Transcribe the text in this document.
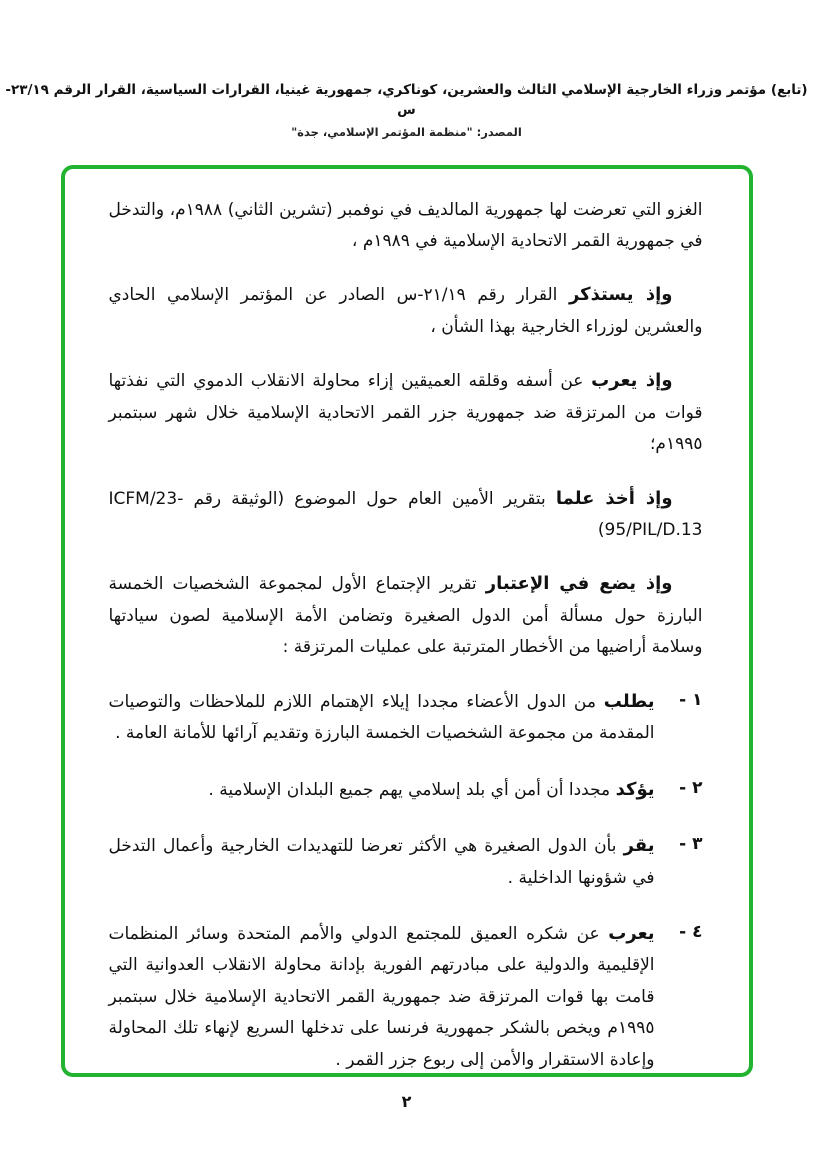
(تابع) مؤتمر وزراء الخارجية الإسلامي الثالث والعشرين، كوناكري، جمهورية غينيا، القرارات السياسية، القرار الرقم ٢٣/١٩-س
المصدر: "منظمة المؤتمر الإسلامي، جدة"

الغزو التي تعرضت لها جمهورية المالديف في نوفمبر (تشرين الثاني) ١٩٨٨م، والتدخل في جمهورية القمر الاتحادية الإسلامية في ١٩٨٩م ،

وإذ يستذكر القرار رقم ٢١/١٩-س الصادر عن المؤتمر الإسلامي الحادي والعشرين لوزراء الخارجية بهذا الشأن ،

وإذ يعرب عن أسفه وقلقه العميقين إزاء محاولة الانقلاب الدموي التي نفذتها قوات من المرتزقة ضد جمهورية جزر القمر الاتحادية الإسلامية خلال شهر سبتمبر ١٩٩٥م؛

وإذ أخذ علما بتقرير الأمين العام حول الموضوع (الوثيقة رقم ICFM/23-95/PIL/D.13)

وإذ يضع في الإعتبار تقرير الإجتماع الأول لمجموعة الشخصيات الخمسة البارزة حول مسألة أمن الدول الصغيرة وتضامن الأمة الإسلامية لصون سيادتها وسلامة أراضيها من الأخطار المترتبة على عمليات المرتزقة :

١ -
يطلب من الدول الأعضاء مجددا إيلاء الإهتمام اللازم للملاحظات والتوصيات المقدمة من مجموعة الشخصيات الخمسة البارزة وتقديم آرائها للأمانة العامة .
٢ -
يؤكد مجددا أن أمن أي بلد إسلامي يهم جميع البلدان الإسلامية .
٣ -
يقر بأن الدول الصغيرة هي الأكثر تعرضا للتهديدات الخارجية وأعمال التدخل في شؤونها الداخلية .
٤ -
يعرب عن شكره العميق للمجتمع الدولي والأمم المتحدة وسائر المنظمات الإقليمية والدولية على مبادرتهم الفورية بإدانة محاولة الانقلاب العدوانية التي قامت بها قوات المرتزقة ضد جمهورية القمر الاتحادية الإسلامية خلال سبتمبر ١٩٩٥م ويخص بالشكر جمهورية فرنسا على تدخلها السريع لإنهاء تلك المحاولة وإعادة الاستقرار والأمن إلى ربوع جزر القمر .
٢
